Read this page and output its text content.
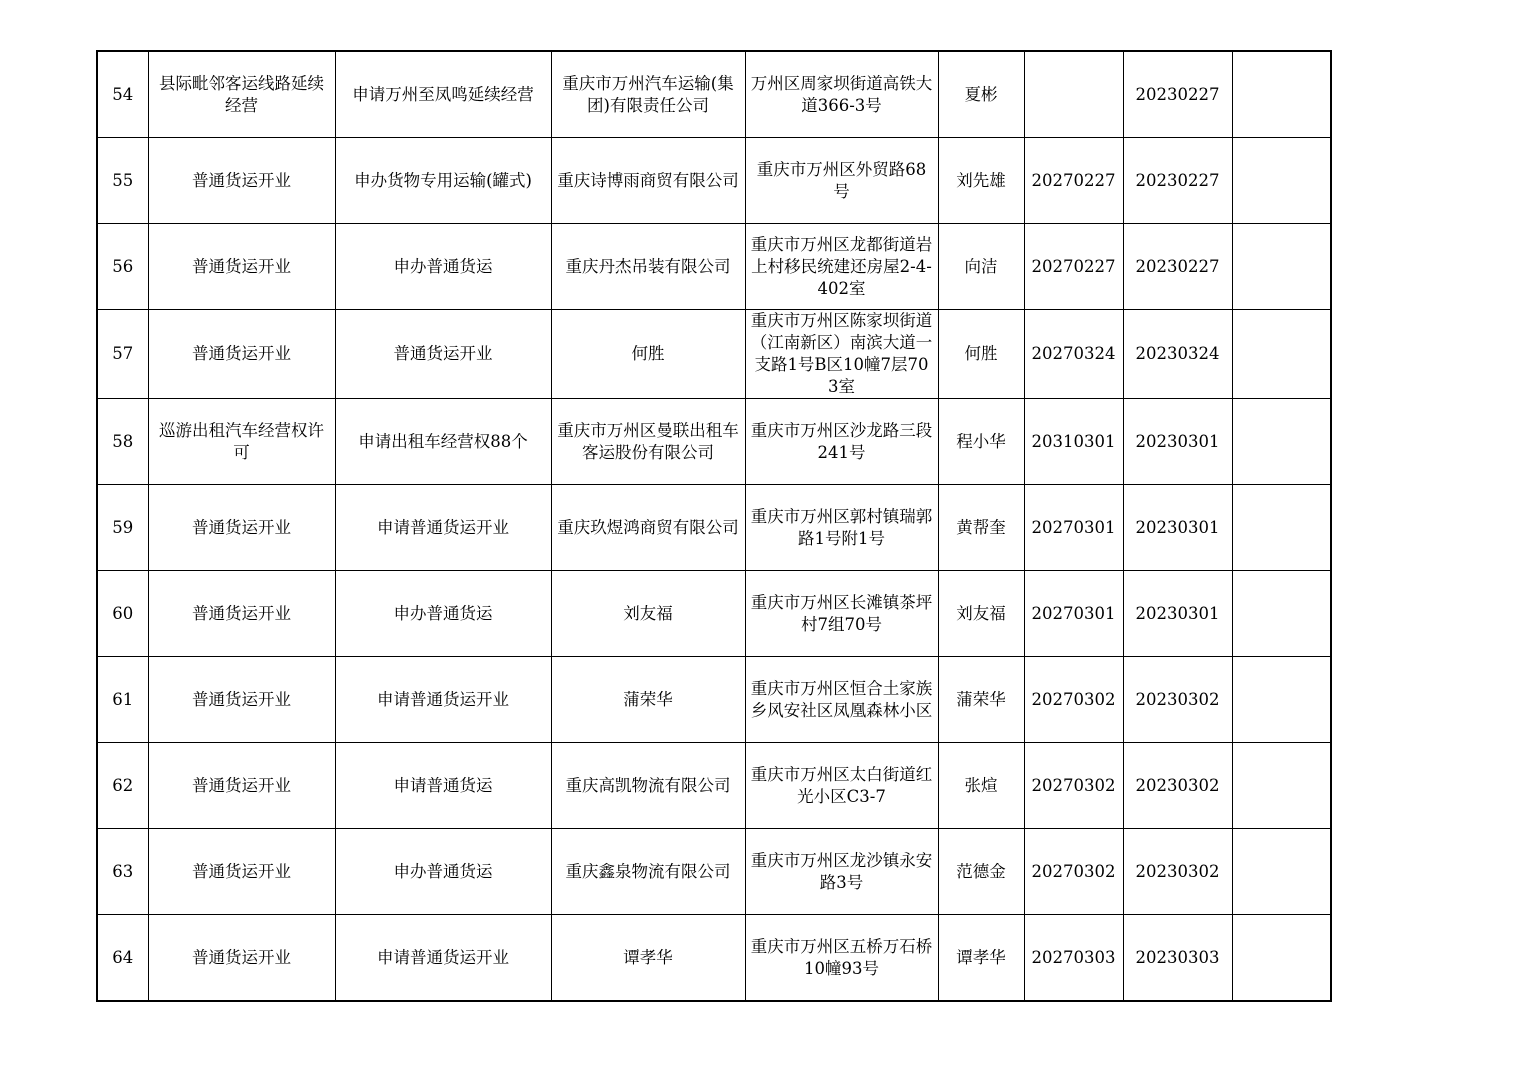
54	县际毗邻客运线路延续经营	申请万州至凤鸣延续经营	重庆市万州汽车运输(集团)有限责任公司	万州区周家坝街道高铁大道366-3号	夏彬		20230227	
55	普通货运开业	申办货物专用运输(罐式)	重庆诗博雨商贸有限公司	重庆市万州区外贸路68号	刘先雄	20270227	20230227	
56	普通货运开业	申办普通货运	重庆丹杰吊装有限公司	重庆市万州区龙都街道岩上村移民统建还房屋2-4-402室	向洁	20270227	20230227	
57	普通货运开业	普通货运开业	何胜	重庆市万州区陈家坝街道（江南新区）南滨大道一支路1号B区10幢7层703室	何胜	20270324	20230324	
58	巡游出租汽车经营权许可	申请出租车经营权88个	重庆市万州区曼联出租车客运股份有限公司	重庆市万州区沙龙路三段241号	程小华	20310301	20230301	
59	普通货运开业	申请普通货运开业	重庆玖煜鸿商贸有限公司	重庆市万州区郭村镇瑞郭路1号附1号	黄帮奎	20270301	20230301	
60	普通货运开业	申办普通货运	刘友福	重庆市万州区长滩镇茶坪村7组70号	刘友福	20270301	20230301	
61	普通货运开业	申请普通货运开业	蒲荣华	重庆市万州区恒合土家族乡风安社区凤凰森林小区	蒲荣华	20270302	20230302	
62	普通货运开业	申请普通货运	重庆高凯物流有限公司	重庆市万州区太白街道红光小区C3-7	张煊	20270302	20230302	
63	普通货运开业	申办普通货运	重庆鑫泉物流有限公司	重庆市万州区龙沙镇永安路3号	范德金	20270302	20230302	
64	普通货运开业	申请普通货运开业	谭孝华	重庆市万州区五桥万石桥10幢93号	谭孝华	20270303	20230303	
